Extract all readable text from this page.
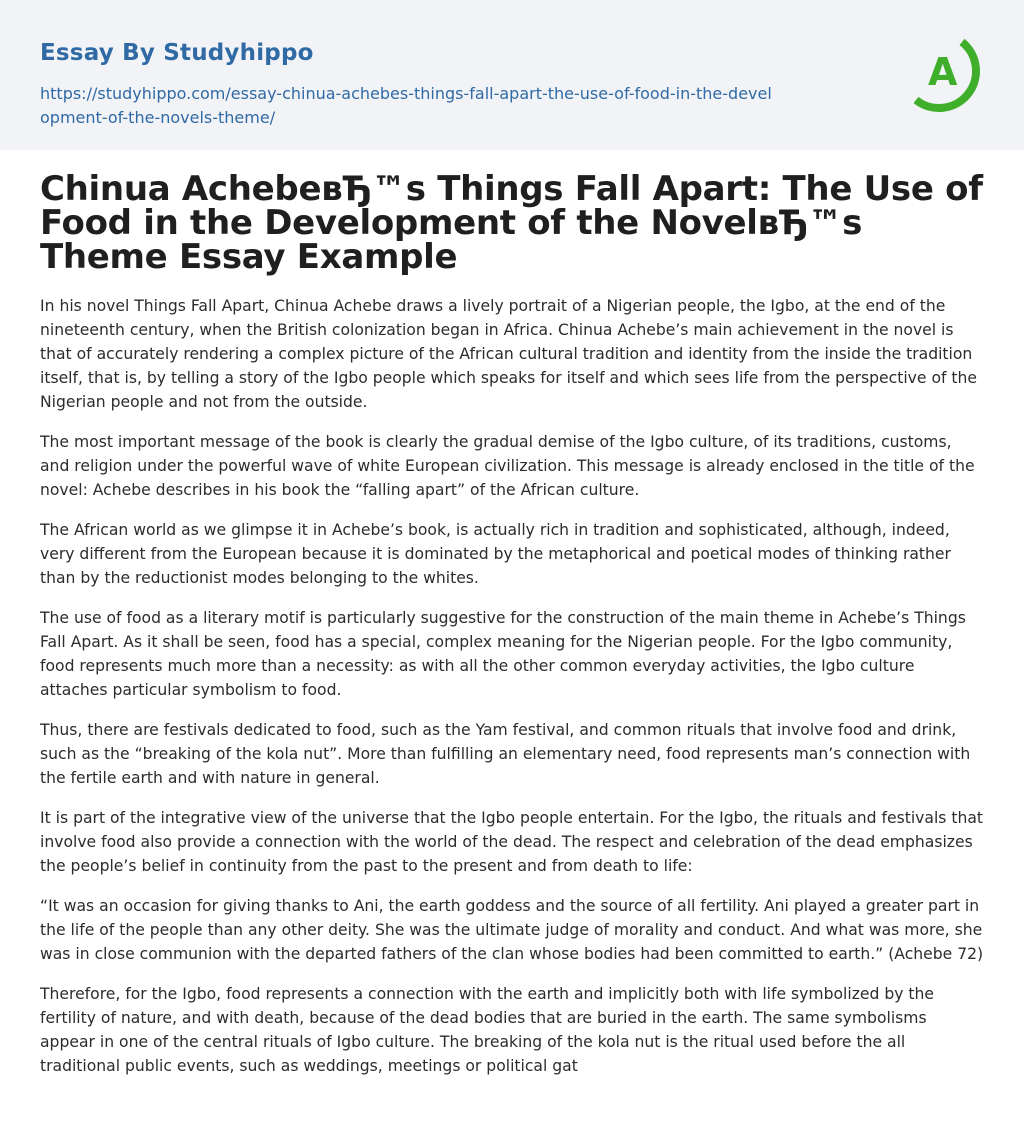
Essay By Studyhippo
https://studyhippo.com/essay-chinua-achebes-things-fall-apart-the-use-of-food-in-the-development-of-the-novels-theme/
A
Chinua AchebeвЂ™s Things Fall Apart: The Use of Food in the Development of the NovelвЂ™s Theme Essay Example

In his novel Things Fall Apart, Chinua Achebe draws a lively portrait of a Nigerian people, the Igbo, at the end of the nineteenth century, when the British colonization began in Africa. Chinua Achebe’s main achievement in the novel is that of accurately rendering a complex picture of the African cultural tradition and identity from the inside the tradition itself, that is, by telling a story of the Igbo people which speaks for itself and which sees life from the perspective of the Nigerian people and not from the outside.

The most important message of the book is clearly the gradual demise of the Igbo culture, of its traditions, customs, and religion under the powerful wave of white European civilization. This message is already enclosed in the title of the novel: Achebe describes in his book the “falling apart” of the African culture.

The African world as we glimpse it in Achebe’s book, is actually rich in tradition and sophisticated, although, indeed, very different from the European because it is dominated by the metaphorical and poetical modes of thinking rather than by the reductionist modes belonging to the whites.

The use of food as a literary motif is particularly suggestive for the construction of the main theme in Achebe’s Things Fall Apart. As it shall be seen, food has a special, complex meaning for the Nigerian people. For the Igbo community, food represents much more than a necessity: as with all the other common everyday activities, the Igbo culture attaches particular symbolism to food.

Thus, there are festivals dedicated to food, such as the Yam festival, and common rituals that involve food and drink, such as the “breaking of the kola nut”. More than fulfilling an elementary need, food represents man’s connection with the fertile earth and with nature in general.

It is part of the integrative view of the universe that the Igbo people entertain. For the Igbo, the rituals and festivals that involve food also provide a connection with the world of the dead. The respect and celebration of the dead emphasizes the people’s belief in continuity from the past to the present and from death to life:

“It was an occasion for giving thanks to Ani, the earth goddess and the source of all fertility. Ani played a greater part in the life of the people than any other deity. She was the ultimate judge of morality and conduct. And what was more, she was in close communion with the departed fathers of the clan whose bodies had been committed to earth.” (Achebe 72)

Therefore, for the Igbo, food represents a connection with the earth and implicitly both with life symbolized by the fertility of nature, and with death, because of the dead bodies that are buried in the earth. The same symbolisms appear in one of the central rituals of Igbo culture. The breaking of the kola nut is the ritual used before the all traditional public events, such as weddings, meetings or political gat
